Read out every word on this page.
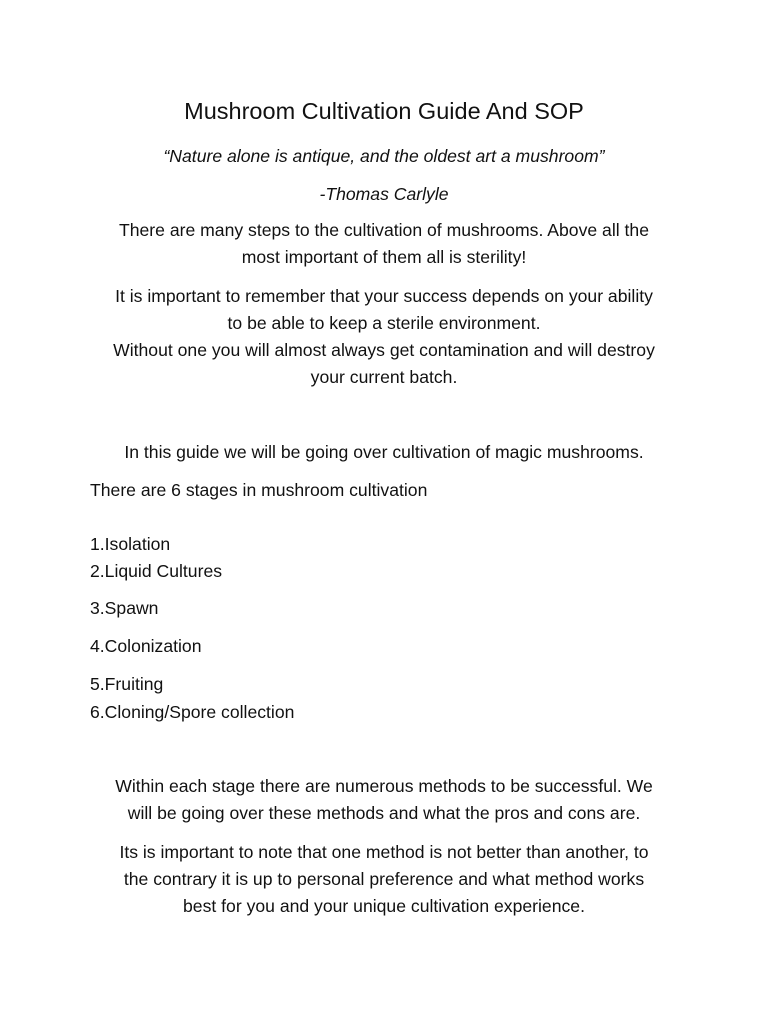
Mushroom Cultivation Guide And SOP

“Nature alone is antique, and the oldest art a mushroom”

-Thomas Carlyle

There are many steps to the cultivation of mushrooms. Above all the

most important of them all is sterility!

It is important to remember that your success depends on your ability

to be able to keep a sterile environment.

Without one you will almost always get contamination and will destroy

your current batch.

In this guide we will be going over cultivation of magic mushrooms.

There are 6 stages in mushroom cultivation

1.Isolation

2.Liquid Cultures

3.Spawn

4.Colonization

5.Fruiting

6.Cloning/Spore collection

Within each stage there are numerous methods to be successful. We

will be going over these methods and what the pros and cons are.

Its is important to note that one method is not better than another, to

the contrary it is up to personal preference and what method works

best for you and your unique cultivation experience.
